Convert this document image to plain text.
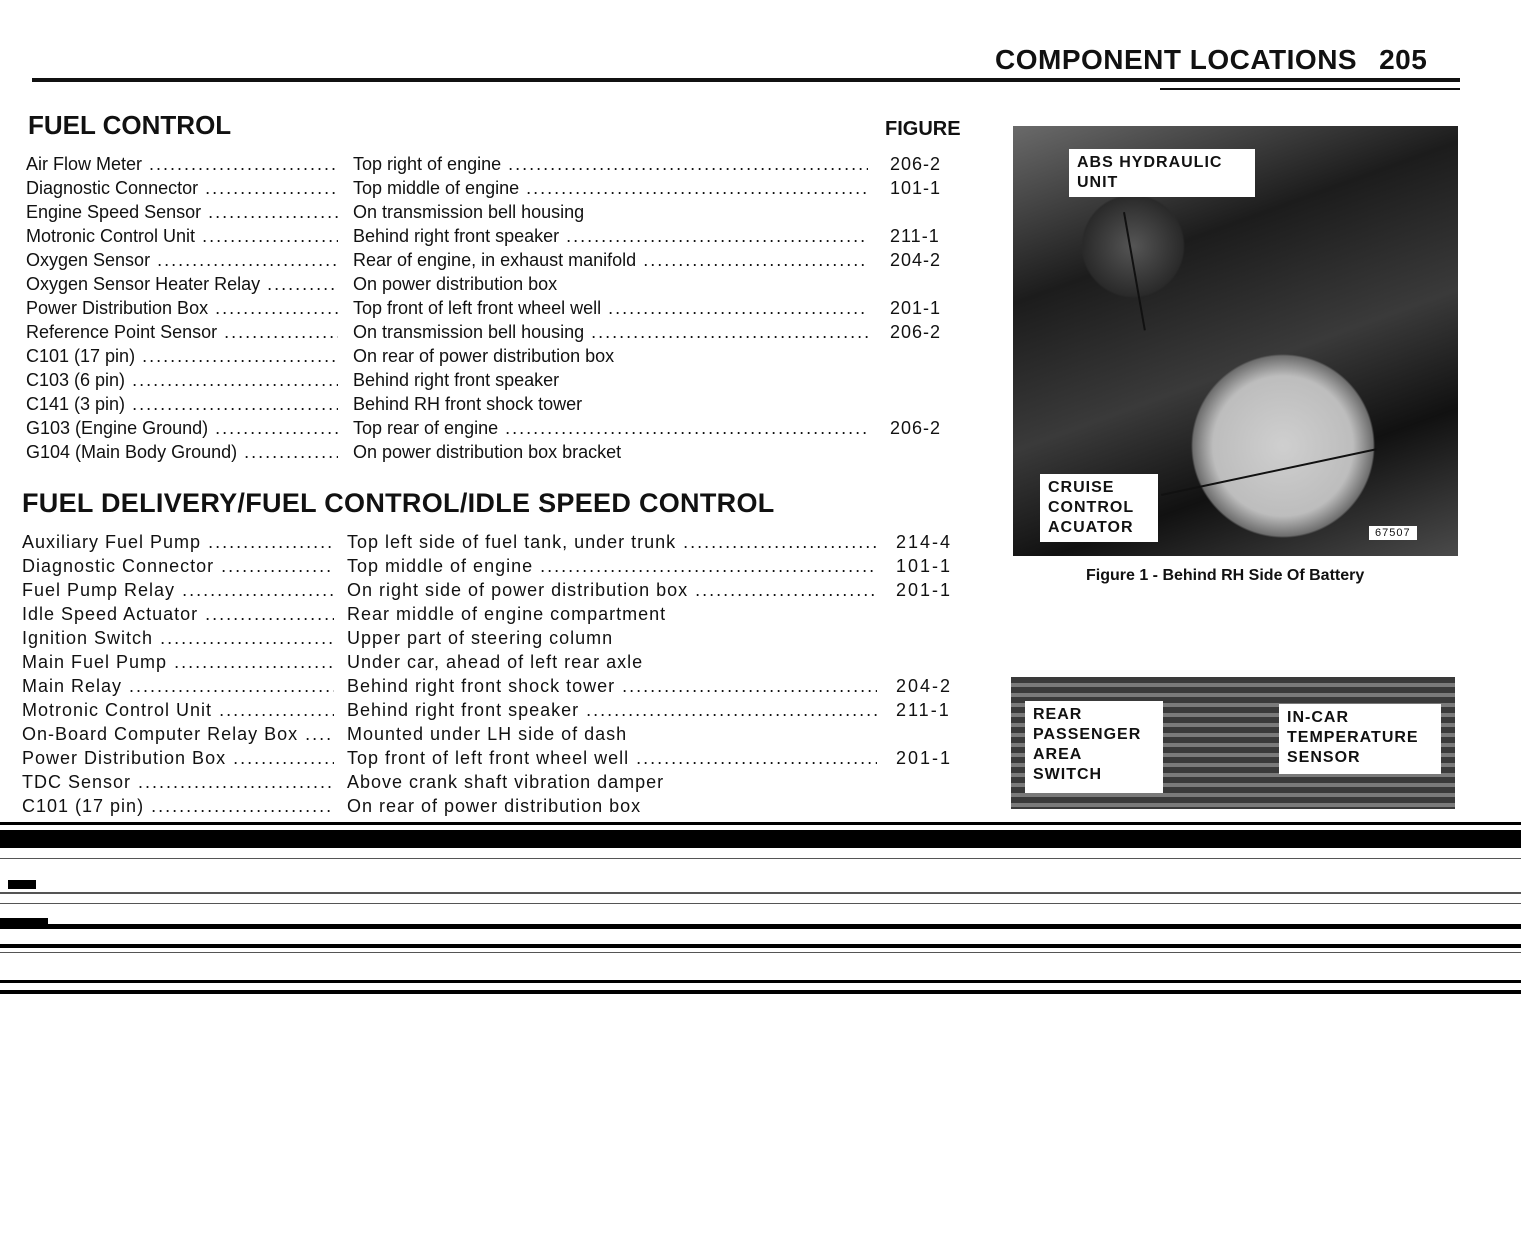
COMPONENT LOCATIONS 205
FUEL CONTROL	FIGURE
Air Flow Meter .....	Top right of engine .....	206-2
Diagnostic Connector .....	Top middle of engine .....	101-1
Engine Speed Sensor .....	On transmission bell housing
Motronic Control Unit .....	Behind right front speaker .....	211-1
Oxygen Sensor .....	Rear of engine, in exhaust manifold .....	204-2
Oxygen Sensor Heater Relay .....	On power distribution box
Power Distribution Box .....	Top front of left front wheel well .....	201-1
Reference Point Sensor .....	On transmission bell housing .....	206-2
C101 (17 pin) .....	On rear of power distribution box
C103 (6 pin) .....	Behind right front speaker
C141 (3 pin) .....	Behind RH front shock tower
G103 (Engine Ground) .....	Top rear of engine .....	206-2
G104 (Main Body Ground) .....	On power distribution box bracket
FUEL DELIVERY/FUEL CONTROL/IDLE SPEED CONTROL
Auxiliary Fuel Pump .....	Top left side of fuel tank, under trunk .....	214-4
Diagnostic Connector .....	Top middle of engine .....	101-1
Fuel Pump Relay .....	On right side of power distribution box .....	201-1
Idle Speed Actuator .....	Rear middle of engine compartment
Ignition Switch .....	Upper part of steering column
Main Fuel Pump .....	Under car, ahead of left rear axle
Main Relay .....	Behind right front shock tower .....	204-2
Motronic Control Unit .....	Behind right front speaker .....	211-1
On-Board Computer Relay Box .....	Mounted under LH side of dash
Power Distribution Box .....	Top front of left front wheel well .....	201-1
TDC Sensor .....	Above crank shaft vibration damper
C101 (17 pin) .....	On rear of power distribution box
ABS HYDRAULIC
UNIT
CRUISE
CONTROL
ACUATOR	67507
Figure 1 - Behind RH Side Of Battery
REAR
PASSENGER
AREA
SWITCH
IN-CAR
TEMPERATURE
SENSOR
